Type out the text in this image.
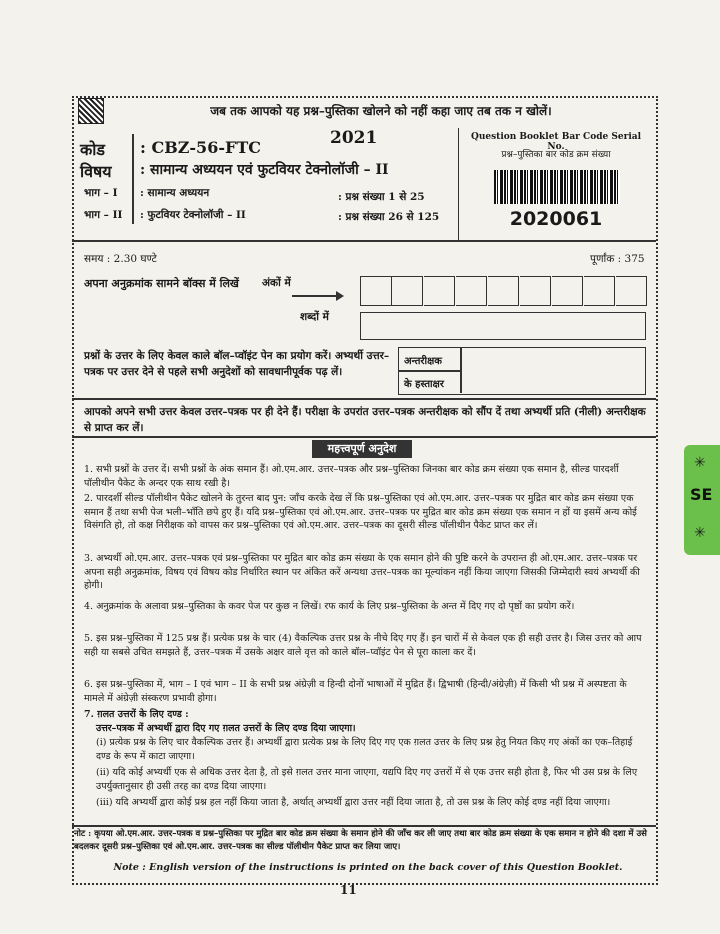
जब तक आपको यह प्रश्न–पुस्तिका खोलने को नहीं कहा जाए तब तक न खोलें।
2021
कोड : CBZ-56-FTC
विषय : सामान्य अध्ययन एवं फुटवियर टेक्नोलॉजी – II
भाग – I : सामान्य अध्ययन	: प्रश्न संख्या 1 से 25
भाग – II : फुटवियर टेक्नोलॉजी – II	: प्रश्न संख्या 26 से 125
Question Booklet Bar Code Serial No.
प्रश्न–पुस्तिका बार कोड क्रम संख्या
2020061
समय : 2.30 घण्टे	पूर्णांक : 375
अपना अनुक्रमांक सामने बॉक्स में लिखें	अंकों में
शब्दों में
प्रश्नों के उत्तर के लिए केवल काले बॉल–प्वॉइंट पेन का प्रयोग करें। अभ्यर्थी उत्तर–पत्रक पर उत्तर देने से पहले सभी अनुदेशों को सावधानीपूर्वक पढ़ लें।
अन्तरीक्षक
के हस्ताक्षर
आपको अपने सभी उत्तर केवल उत्तर–पत्रक पर ही देने हैं। परीक्षा के उपरांत उत्तर–पत्रक अन्तरीक्षक को सौंप दें तथा अभ्यर्थी प्रति (नीली) अन्तरीक्षक से प्राप्त कर लें।
महत्त्वपूर्ण अनुदेश
1. सभी प्रश्नों के उत्तर दें। सभी प्रश्नों के अंक समान हैं। ओ.एम.आर. उत्तर–पत्रक और प्रश्न–पुस्तिका जिनका बार कोड क्रम संख्या एक समान है, सील्ड पारदर्शी पॉलीथीन पैकेट के अन्दर एक साथ रखी है।
2. पारदर्शी सील्ड पॉलीथीन पैकेट खोलने के तुरन्त बाद पुन: जाँच करके देख लें कि प्रश्न–पुस्तिका एवं ओ.एम.आर. उत्तर–पत्रक पर मुद्रित बार कोड क्रम संख्या एक समान हैं तथा सभी पेज भली–भाँति छपे हुए हैं। यदि प्रश्न–पुस्तिका एवं ओ.एम.आर. उत्तर–पत्रक पर मुद्रित बार कोड क्रम संख्या एक समान न हों या इसमें अन्य कोई विसंगति हो, तो कक्ष निरीक्षक को वापस कर प्रश्न–पुस्तिका एवं ओ.एम.आर. उत्तर–पत्रक का दूसरी सील्ड पॉलीथीन पैकेट प्राप्त कर लें।
3. अभ्यर्थी ओ.एम.आर. उत्तर–पत्रक एवं प्रश्न–पुस्तिका पर मुद्रित बार कोड क्रम संख्या के एक समान होने की पुष्टि करने के उपरान्त ही ओ.एम.आर. उत्तर–पत्रक पर अपना सही अनुक्रमांक, विषय एवं विषय कोड निर्धारित स्थान पर अंकित करें अन्यथा उत्तर–पत्रक का मूल्यांकन नहीं किया जाएगा जिसकी जिम्मेदारी स्वयं अभ्यर्थी की होगी।
4. अनुक्रमांक के अलावा प्रश्न–पुस्तिका के कवर पेज पर कुछ न लिखें। रफ कार्य के लिए प्रश्न–पुस्तिका के अन्त में दिए गए दो पृष्ठों का प्रयोग करें।
5. इस प्रश्न–पुस्तिका में 125 प्रश्न हैं। प्रत्येक प्रश्न के चार (4) वैकल्पिक उत्तर प्रश्न के नीचे दिए गए हैं। इन चारों में से केवल एक ही सही उत्तर है। जिस उत्तर को आप सही या सबसे उचित समझते हैं, उत्तर–पत्रक में उसके अक्षर वाले वृत्त को काले बॉल–प्वॉइंट पेन से पूरा काला कर दें।
6. इस प्रश्न–पुस्तिका में, भाग – I एवं भाग – II के सभी प्रश्न अंग्रेज़ी व हिन्दी दोनों भाषाओं में मुद्रित हैं। द्विभाषी (हिन्दी/अंग्रेज़ी) में किसी भी प्रश्न में अस्पष्टता के मामले में अंग्रेज़ी संस्करण प्रभावी होगा।
7. ग़लत उत्तरों के लिए दण्ड :
उत्तर–पत्रक में अभ्यर्थी द्वारा दिए गए ग़लत उत्तरों के लिए दण्ड दिया जाएगा।
(i) प्रत्येक प्रश्न के लिए चार वैकल्पिक उत्तर हैं। अभ्यर्थी द्वारा प्रत्येक प्रश्न के लिए दिए गए एक ग़लत उत्तर के लिए प्रश्न हेतु नियत किए गए अंकों का एक–तिहाई दण्ड के रूप में काटा जाएगा।
(ii) यदि कोई अभ्यर्थी एक से अधिक उत्तर देता है, तो इसे ग़लत उत्तर माना जाएगा, यद्यपि दिए गए उत्तरों में से एक उत्तर सही होता है, फिर भी उस प्रश्न के लिए उपर्युक्तानुसार ही उसी तरह का दण्ड दिया जाएगा।
(iii) यदि अभ्यर्थी द्वारा कोई प्रश्न हल नहीं किया जाता है, अर्थात् अभ्यर्थी द्वारा उत्तर नहीं दिया जाता है, तो उस प्रश्न के लिए कोई दण्ड नहीं दिया जाएगा।
नोट : कृपया ओ.एम.आर. उत्तर–पत्रक व प्रश्न–पुस्तिका पर मुद्रित बार कोड क्रम संख्या के समान होने की जाँच कर ली जाए तथा बार कोड क्रम संख्या के एक समान न होने की दशा में उसे बदलकर दूसरी प्रश्न–पुस्तिका एवं ओ.एम.आर. उत्तर–पत्रक का सील्ड पॉलीथीन पैकेट प्राप्त कर लिया जाए।
Note : English version of the instructions is printed on the back cover of this Question Booklet.
11
✳
SE
✳
